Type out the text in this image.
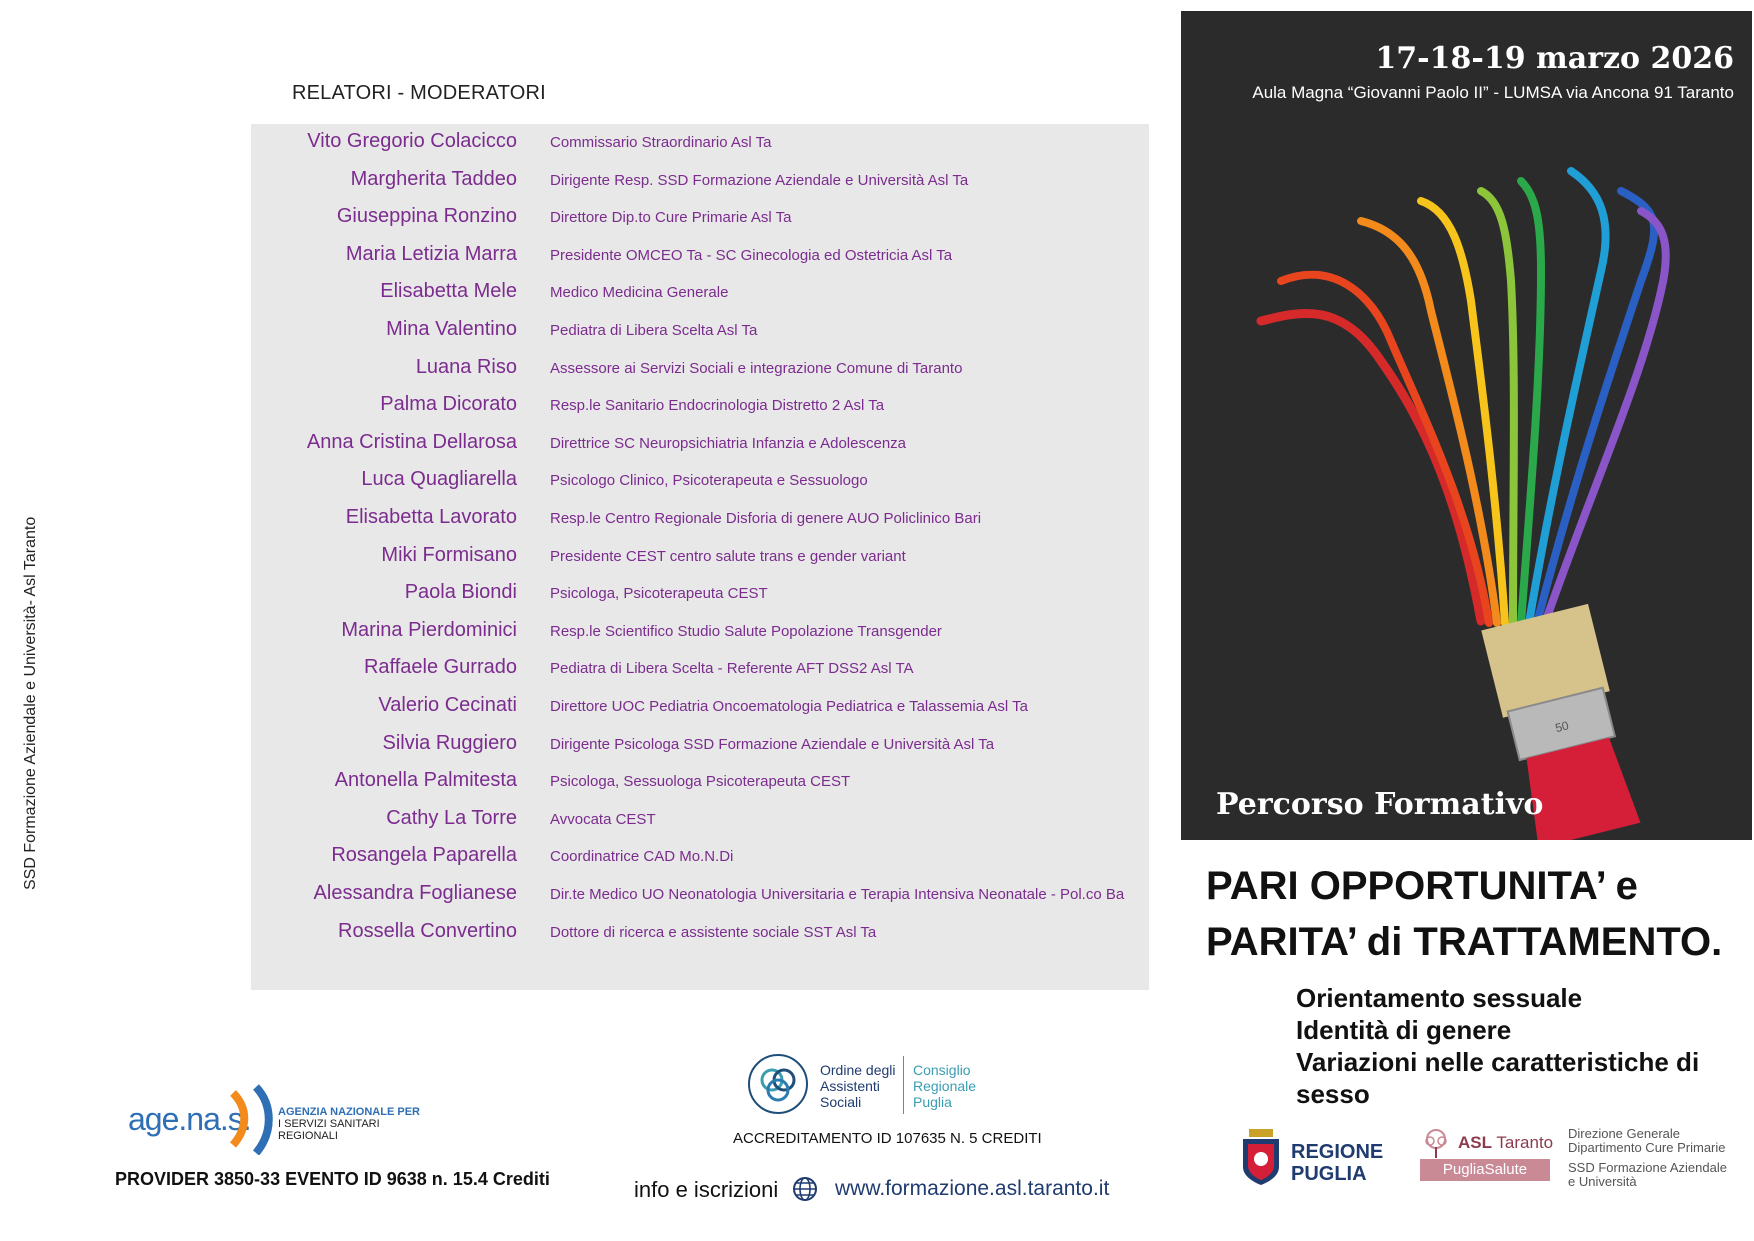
SSD Formazione Aziendale e Università- Asl Taranto
RELATORI - MODERATORI
Vito Gregorio Colacicco Commissario Straordinario Asl Ta
Margherita Taddeo Dirigente Resp. SSD Formazione Aziendale e Università Asl Ta
Giuseppina Ronzino Direttore Dip.to Cure Primarie Asl Ta
Maria Letizia Marra Presidente OMCEO Ta - SC Ginecologia ed Ostetricia Asl Ta
Elisabetta Mele Medico Medicina Generale
Mina Valentino Pediatra di Libera Scelta Asl Ta
Luana Riso Assessore ai Servizi Sociali e integrazione Comune di Taranto
Palma Dicorato Resp.le Sanitario Endocrinologia Distretto 2 Asl Ta
Anna Cristina Dellarosa Direttrice SC Neuropsichiatria Infanzia e Adolescenza
Luca Quagliarella Psicologo Clinico, Psicoterapeuta e Sessuologo
Elisabetta Lavorato Resp.le Centro Regionale Disforia di genere AUO Policlinico Bari
Miki Formisano Presidente CEST centro salute trans e gender variant
Paola Biondi Psicologa, Psicoterapeuta CEST
Marina Pierdominici Resp.le Scientifico Studio Salute Popolazione Transgender
Raffaele Gurrado Pediatra di Libera Scelta - Referente AFT DSS2 Asl TA
Valerio Cecinati Direttore UOC Pediatria Oncoematologia Pediatrica e Talassemia Asl Ta
Silvia Ruggiero Dirigente Psicologa SSD Formazione Aziendale e Università Asl Ta
Antonella Palmitesta Psicologa, Sessuologa Psicoterapeuta CEST
Cathy La Torre Avvocata CEST
Rosangela Paparella Coordinatrice CAD Mo.N.Di
Alessandra Foglianese Dir.te Medico UO Neonatologia Universitaria e Terapia Intensiva Neonatale - Pol.co Ba
Rossella Convertino Dottore di ricerca e assistente sociale SST Asl Ta
50
17-18-19 marzo 2026
Aula Magna “Giovanni Paolo II” - LUMSA via Ancona 91 Taranto
Percorso Formativo
PARI OPPORTUNITA’ e
PARITA’ di TRATTAMENTO.
Orientamento sessuale
Identità di genere
Variazioni nelle caratteristiche di sesso
age.na.s. AGENZIA NAZIONALE PER
I SERVIZI SANITARI REGIONALI
PROVIDER 3850-33 EVENTO ID 9638 n. 15.4 Crediti
Ordine degli
Assistenti
Sociali
Consiglio
Regionale
Puglia
ACCREDITAMENTO ID 107635 N. 5 CREDITI
info e iscrizioni	www.formazione.asl.taranto.it
REGIONE
PUGLIA
ASL Taranto
PugliaSalute
Direzione Generale
Dipartimento Cure Primarie
SSD Formazione Aziendale
e Università
